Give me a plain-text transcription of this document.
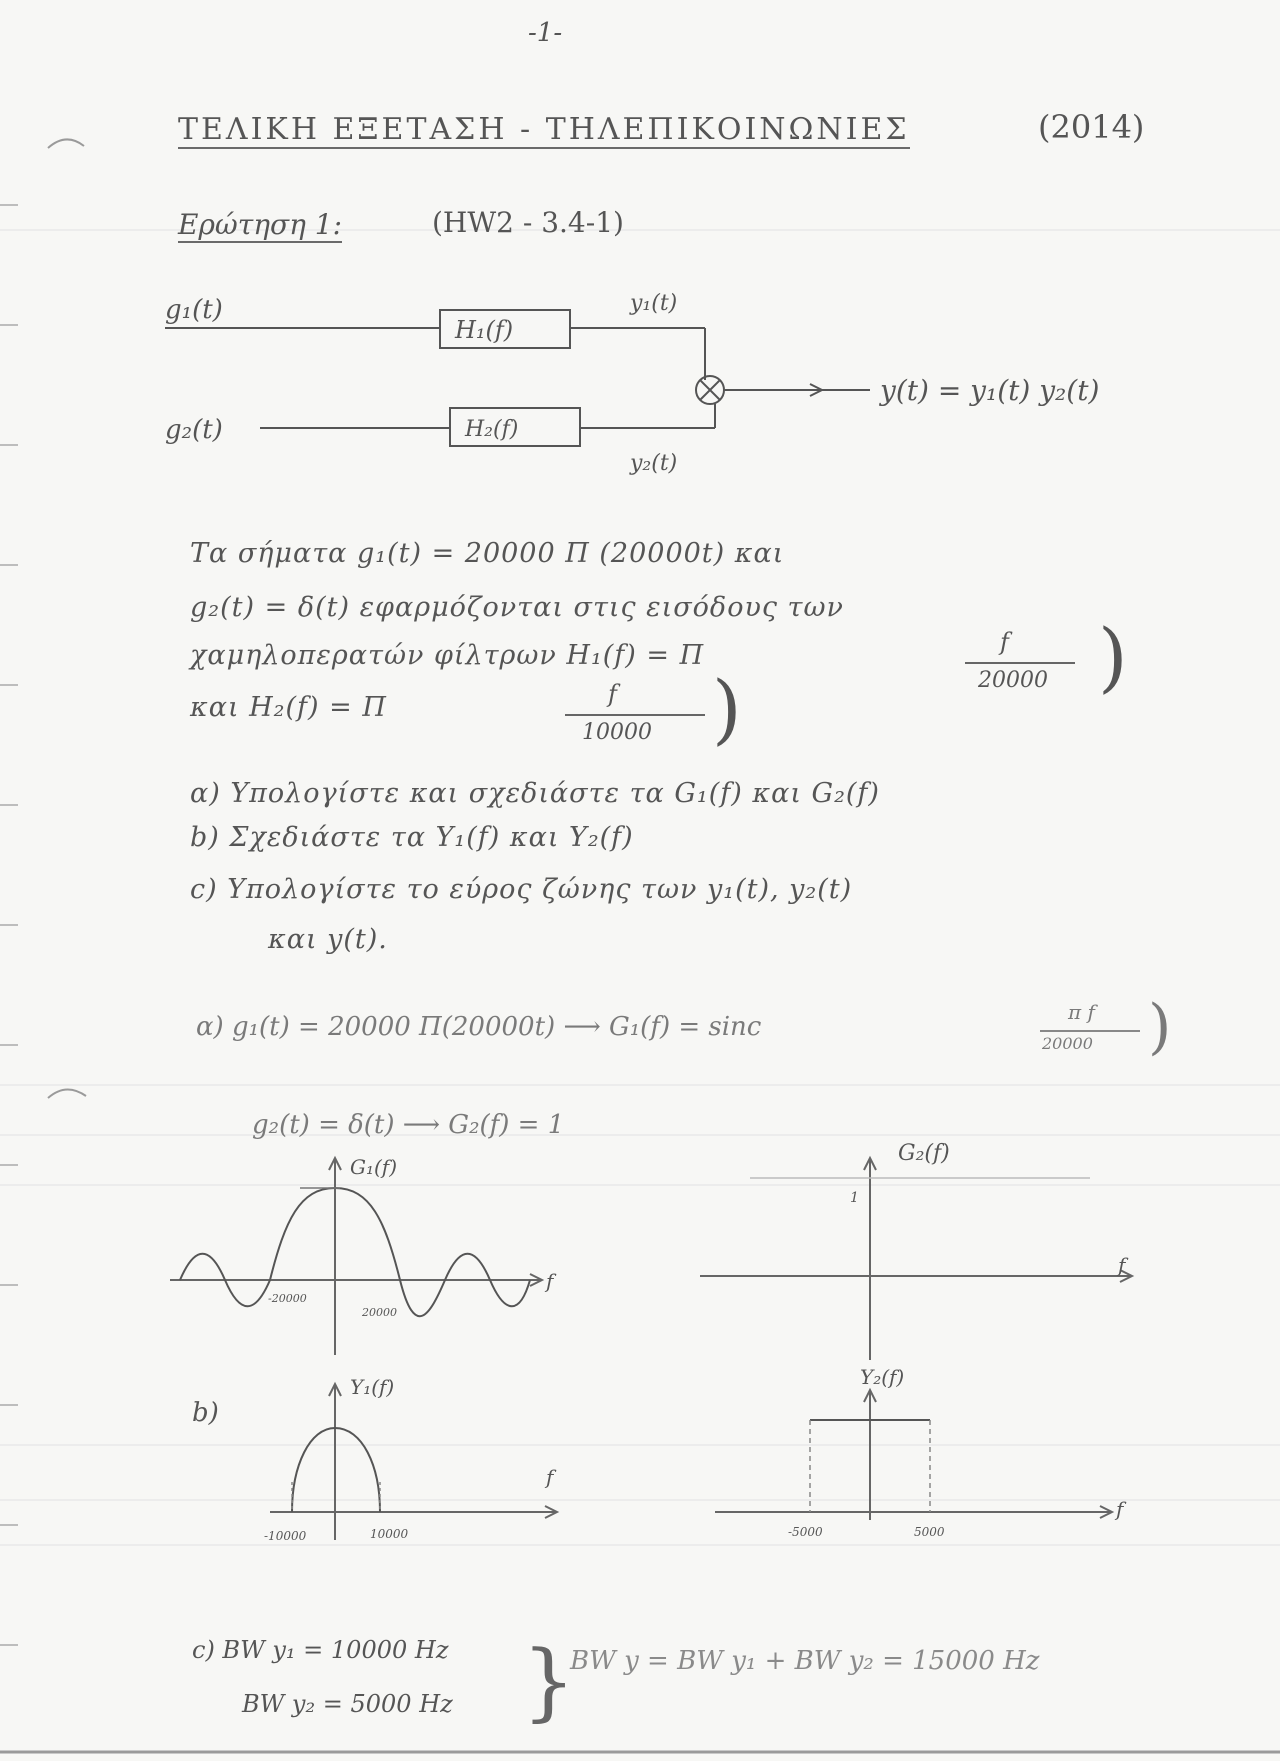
-1-
ΤΕΛΙΚΗ ΕΞΕΤΑΣΗ - ΤΗΛΕΠΙΚΟΙΝΩΝΙΕΣ	(2014)
Ερώτηση 1:	(HW2 - 3.4-1)
g₁(t)
g₂(t)
H₁(f)
H₂(f)
y₁(t)
y₂(t)
y(t) = y₁(t) y₂(t)
Τα σήματα g₁(t) = 20000 Π (20000t) και
g₂(t) = δ(t) εφαρμόζονται στις εισόδους των
χαμηλοπερατών φίλτρων H₁(f) = Π	f
20000 )
και H₂(f) = Π	f
10000 )
α) Υπολογίστε και σχεδιάστε τα G₁(f) και G₂(f)
b) Σχεδιάστε τα Y₁(f) και Y₂(f)
c) Υπολογίστε το εύρος ζώνης των y₁(t), y₂(t)
και y(t).
α) g₁(t) = 20000 Π(20000t) ⟶ G₁(f) = sinc	π f
20000 )
g₂(t) = δ(t) ⟶ G₂(f) = 1
G₁(f)
f
-20000
20000
G₂(f)
f
1
b)
Y₁(f)
f
-10000	10000
Y₂(f)
f
-5000	5000
c) BW y₁ = 10000 Hz
BW y₂ = 5000 Hz }
BW y = BW y₁ + BW y₂ = 15000 Hz
